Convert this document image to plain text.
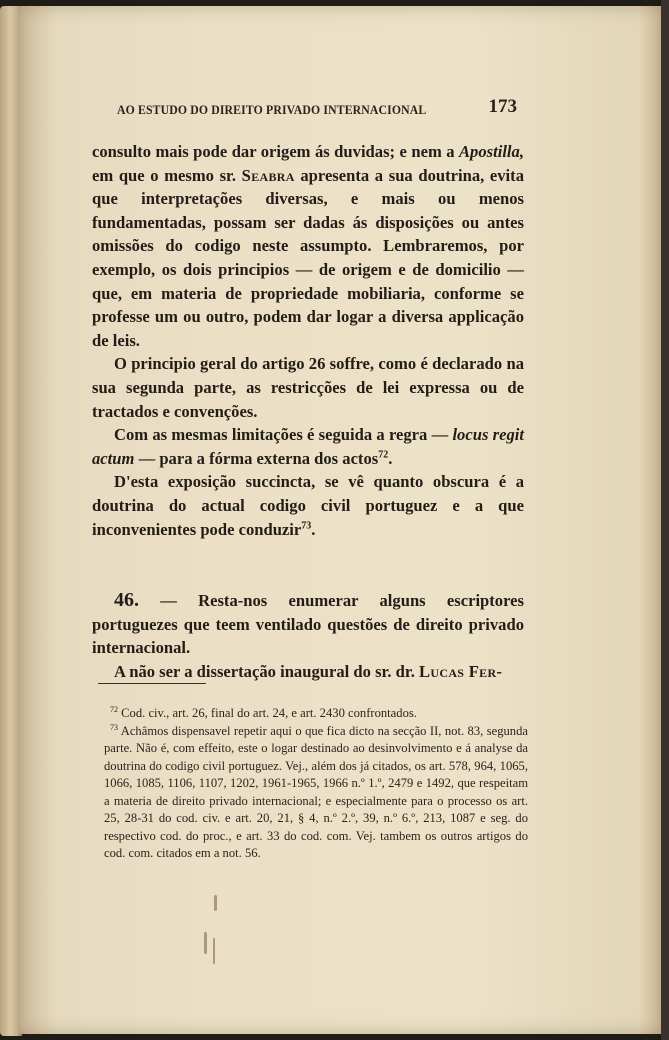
AO ESTUDO DO DIREITO PRIVADO INTERNACIONAL	173

consulto mais pode dar origem ás duvidas; e nem a Apostilla, em que o mesmo sr. Seabra apresenta a sua doutrina, evita que interpretações diversas, e mais ou menos fundamentadas, possam ser dadas ás disposições ou antes omissões do codigo neste assumpto. Lembraremos, por exemplo, os dois principios — de origem e de domicilio — que, em materia de propriedade mobiliaria, conforme se professe um ou outro, podem dar logar a diversa applicação de leis.

O principio geral do artigo 26 soffre, como é declarado na sua segunda parte, as restricções de lei expressa ou de tractados e convenções.

Com as mesmas limitações é seguida a regra — locus regit actum — para a fórma externa dos actos$^{72}$.

D'esta exposição succincta, se vê quanto obscura é a doutrina do actual codigo civil portuguez e a que inconvenientes pode conduzir$^{73}$.

46. — Resta-nos enumerar alguns escriptores portuguezes que teem ventilado questões de direito privado internacional.

A não ser a dissertação inaugural do sr. dr. Lucas Fer-

$^{72}$ Cod. civ., art. 26, final do art. 24, e art. 2430 confrontados.

$^{73}$ Achâmos dispensavel repetir aqui o que fica dicto na secção II, not. 83, segunda parte. Não é, com effeito, este o logar destinado ao desinvolvimento e á analyse da doutrina do codigo civil portuguez. Vej., além dos já citados, os art. 578, 964, 1065, 1066, 1085, 1106, 1107, 1202, 1961-1965, 1966 n.º 1.º, 2479 e 1492, que respeitam a materia de direito privado internacional; e especialmente para o processo os art. 25, 28-31 do cod. civ. e art. 20, 21, § 4, n.º 2.º, 39, n.º 6.º, 213, 1087 e seg. do respectivo cod. do proc., e art. 33 do cod. com. Vej. tambem os outros artigos do cod. com. citados em a not. 56.
